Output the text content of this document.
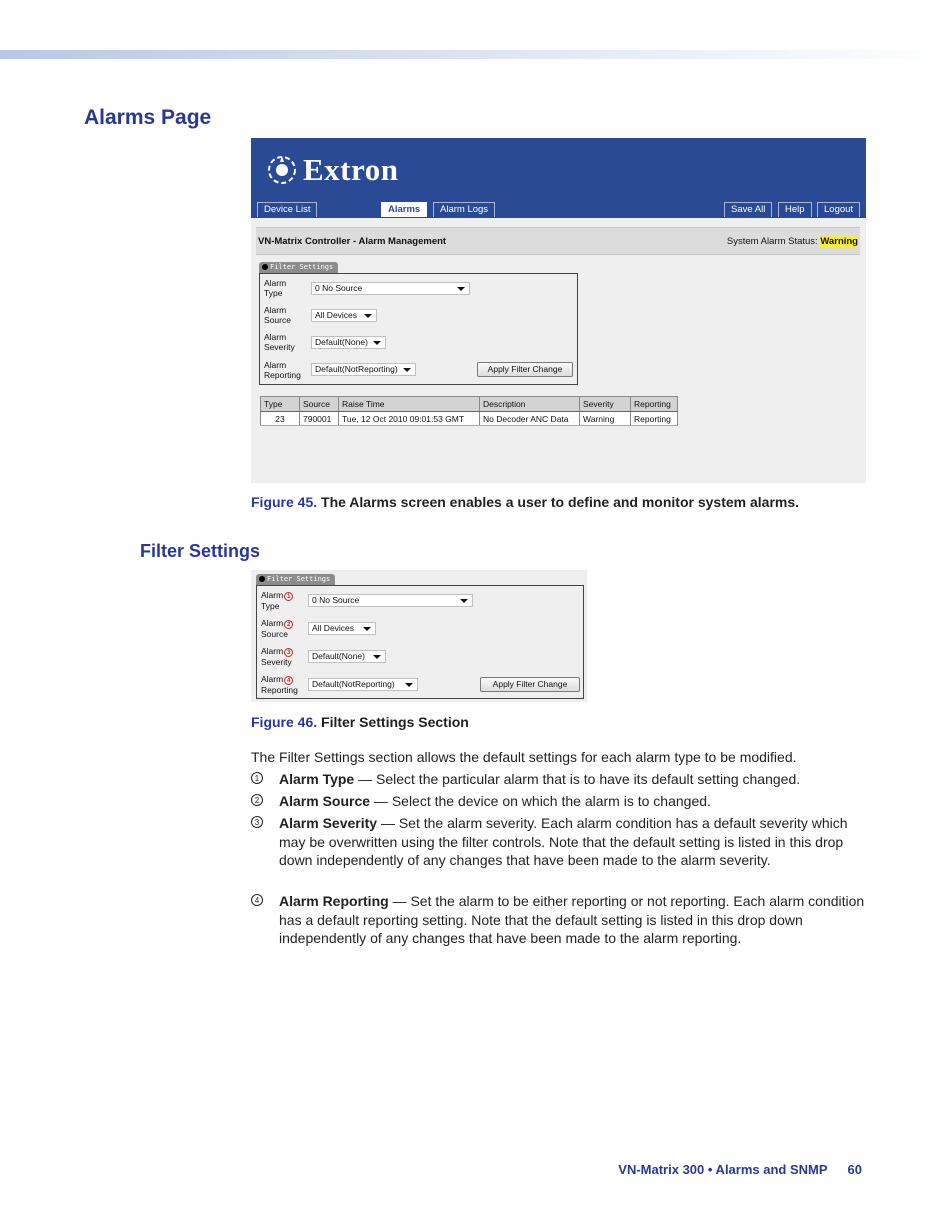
Alarms Page
Extron
Device List	Alarms	Alarm Logs	Save All	Help	Logout
VN-Matrix Controller - Alarm Management	System Alarm Status: Warning
Filter Settings
Alarm
Type	0 No Source
Alarm
Source	All Devices
Alarm
Severity	Default(None)
Alarm
Reporting
Default(NotReporting)	Apply Filter Change
Type	Source	Raise Time	Description	Severity	Reporting
23	790001	Tue, 12 Oct 2010 09:01:53 GMT	No Decoder ANC Data	Warning	Reporting
Figure 45. The Alarms screen enables a user to define and monitor system alarms.
Filter Settings
Filter Settings
Alarm 1
Type
0 No Source
Alarm 2
Source
All Devices
Alarm 3
Severity
Default(None)
Alarm 4
Reporting
Default(NotReporting)	Apply Filter Change
Figure 46. Filter Settings Section
The Filter Settings section allows the default settings for each alarm type to be modified.
1 Alarm Type — Select the particular alarm that is to have its default setting changed.
2 Alarm Source — Select the device on which the alarm is to changed.
3 Alarm Severity — Set the alarm severity. Each alarm condition has a default severity which may be overwritten using the filter controls. Note that the default setting is listed in this drop down independently of any changes that have been made to the alarm severity.
4 Alarm Reporting — Set the alarm to be either reporting or not reporting. Each alarm condition has a default reporting setting. Note that the default setting is listed in this drop down independently of any changes that have been made to the alarm reporting.
VN-Matrix 300 • Alarms and SNMP 60
